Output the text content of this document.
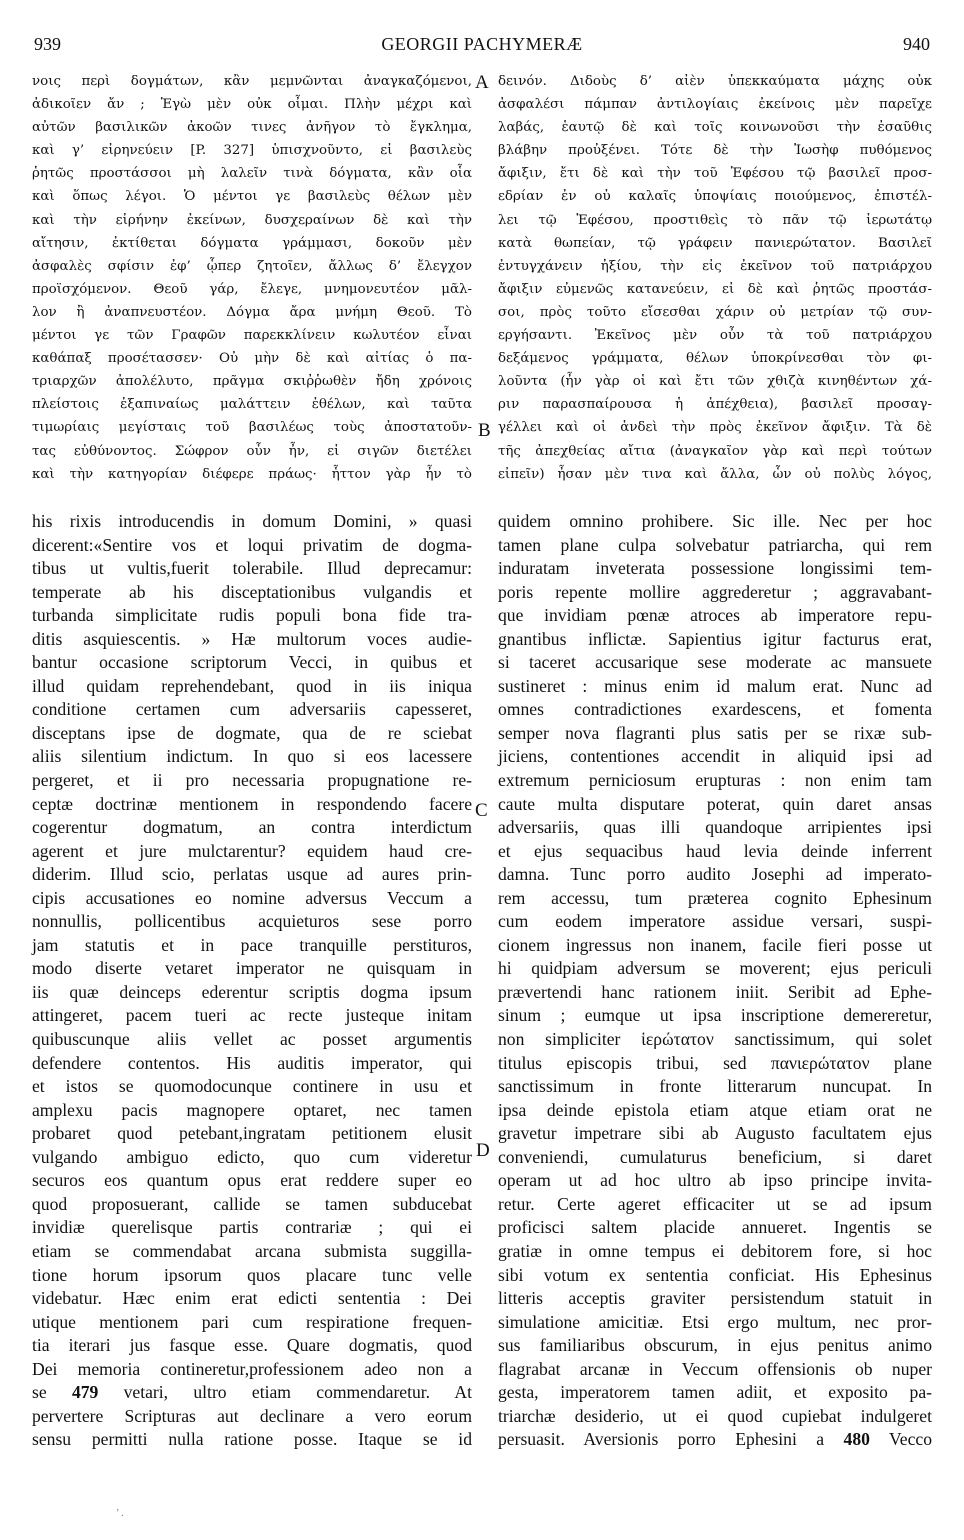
939	GEORGII PACHYMERÆ	940
νοις περὶ δογμάτων, κἂν μεμνῶνται ἀναγκαζόμενοι,
ἀδικοῖεν ἄν ; Ἐγὼ μὲν οὐκ οἶμαι. Πλὴν μέχρι καὶ
αὐτῶν βασιλικῶν ἀκοῶν τινες ἀνῆγον τὸ ἔγκλημα,
καὶ γ’ εἰρηνεύειν [P. 327] ὑπισχνοῦντο, εἰ βασιλεὺς
ῥητῶς προστάσσοι μὴ λαλεῖν τινὰ δόγματα, κἂν οἷα
καὶ ὅπως λέγοι. Ὁ μέντοι γε βασιλεὺς θέλων μὲν
καὶ τὴν εἰρήνην ἐκείνων, δυσχεραίνων δὲ καὶ τὴν
αἴτησιν, ἐκτίθεται δόγματα γράμμασι, δοκοῦν μὲν
ἀσφαλὲς σφίσιν ἐφ’ ᾧπερ ζητοῖεν, ἄλλως δ’ ἔλεγχον
προϊσχόμενον. Θεοῦ γάρ, ἔλεγε, μνημονευτέον μᾶλ-
λον ἢ ἀναπνευστέον. Δόγμα ἄρα μνήμη Θεοῦ. Τὸ
μέντοι γε τῶν Γραφῶν παρεκκλίνειν κωλυτέον εἶναι
καθάπαξ προσέτασσεν· Οὐ μὴν δὲ καὶ αἰτίας ὁ πα-
τριαρχῶν ἀπολέλυτο, πρᾶγμα σκιῤῥωθὲν ἤδη χρόνοις
πλείστοις ἐξαπιναίως μαλάττειν ἐθέλων, καὶ ταῦτα
τιμωρίαις μεγίσταις τοῦ βασιλέως τοὺς ἀποστατοῦν-
τας εὐθύνοντος. Σώφρον οὖν ἦν, εἰ σιγῶν διετέλει
καὶ τὴν κατηγορίαν διέφερε πράως· ἧττον γὰρ ἦν τὸ
δεινόν. Διδοὺς δ’ αἰὲν ὑπεκκαύματα μάχης οὐκ
ἀσφαλέσι πάμπαν ἀντιλογίαις ἐκείνοις μὲν παρεῖχε
λαβάς, ἑαυτῷ δὲ καὶ τοῖς κοινωνοῦσι τὴν ἐσαῦθις
βλάβην προὐξένει. Τότε δὲ τὴν Ἰωσὴφ πυθόμενος
ἄφιξιν, ἔτι δὲ καὶ τὴν τοῦ Ἐφέσου τῷ βασιλεῖ προσ-
εδρίαν ἐν οὐ καλαῖς ὑποψίαις ποιούμενος, ἐπιστέλ-
λει τῷ Ἐφέσου, προστιθεὶς τὸ πᾶν τῷ ἱερωτάτῳ
κατὰ θωπείαν, τῷ γράφειν πανιερώτατον. Βασιλεῖ
ἐντυγχάνειν ἠξίου, τὴν εἰς ἐκεῖνον τοῦ πατριάρχου
ἄφιξιν εὐμενῶς κατανεύειν, εἰ δὲ καὶ ῥητῶς προστάσ-
σοι, πρὸς τοῦτο εἴσεσθαι χάριν οὐ μετρίαν τῷ συν-
εργήσαντι. Ἐκεῖνος μὲν οὖν τὰ τοῦ πατριάρχου
δεξάμενος γράμματα, θέλων ὑποκρίνεσθαι τὸν φι-
λοῦντα (ἦν γὰρ οἱ καὶ ἔτι τῶν χθιζὰ κινηθέντων χά-
ριν παρασπαίρουσα ἡ ἀπέχθεια), βασιλεῖ προσαγ-
γέλλει καὶ οἱ ἀνδεὶ τὴν πρὸς ἐκεῖνον ἄφιξιν. Τὰ δὲ
τῆς ἀπεχθείας αἴτια (ἀναγκαῖον γὰρ καὶ περὶ τούτων
εἰπεῖν) ἦσαν μὲν τινα καὶ ἄλλα, ὧν οὐ πολὺς λόγος,
his rixis introducendis in domum Domini, » quasi
dicerent:«Sentire vos et loqui privatim de dogma-
tibus ut vultis,fuerit tolerabile. Illud deprecamur:
temperate ab his disceptationibus vulgandis et
turbanda simplicitate rudis populi bona fide tra-
ditis asquiescentis. » Hæ multorum voces audie-
bantur occasione scriptorum Vecci, in quibus et
illud quidam reprehendebant, quod in iis iniqua
conditione certamen cum adversariis capesseret,
disceptans ipse de dogmate, qua de re sciebat
aliis silentium indictum. In quo si eos lacessere
pergeret, et ii pro necessaria propugnatione re-
ceptæ doctrinæ mentionem in respondendo facere
cogerentur dogmatum, an contra interdictum
agerent et jure mulctarentur? equidem haud cre-
diderim. Illud scio, perlatas usque ad aures prin-
cipis accusationes eo nomine adversus Veccum a
nonnullis, pollicentibus acquieturos sese porro
jam statutis et in pace tranquille perstituros,
modo diserte vetaret imperator ne quisquam in
iis quæ deinceps ederentur scriptis dogma ipsum
attingeret, pacem tueri ac recte justeque initam
quibuscunque aliis vellet ac posset argumentis
defendere contentos. His auditis imperator, qui
et istos se quomodocunque continere in usu et
amplexu pacis magnopere optaret, nec tamen
probaret quod petebant,ingratam petitionem elusit
vulgando ambiguo edicto, quo cum videretur
securos eos quantum opus erat reddere super eo
quod proposuerant, callide se tamen subducebat
invidiæ querelisque partis contrariæ ; qui ei
etiam se commendabat arcana submista suggilla-
tione horum ipsorum quos placare tunc velle
videbatur. Hæc enim erat edicti sententia : Dei
utique mentionem pari cum respiratione frequen-
tia iterari jus fasque esse. Quare dogmatis, quod
Dei memoria contineretur,professionem adeo non a
se 479 vetari, ultro etiam commendaretur. At
pervertere Scripturas aut declinare a vero eorum
sensu permitti nulla ratione posse. Itaque se id
quidem omnino prohibere. Sic ille. Nec per hoc
tamen plane culpa solvebatur patriarcha, qui rem
induratam inveterata possessione longissimi tem-
poris repente mollire aggrederetur ; aggravabant-
que invidiam pœnæ atroces ab imperatore repu-
gnantibus inflictæ. Sapientius igitur facturus erat,
si taceret accusarique sese moderate ac mansuete
sustineret : minus enim id malum erat. Nunc ad
omnes contradictiones exardescens, et fomenta
semper nova flagranti plus satis per se rixæ sub-
jiciens, contentiones accendit in aliquid ipsi ad
extremum perniciosum erupturas : non enim tam
caute multa disputare poterat, quin daret ansas
adversariis, quas illi quandoque arripientes ipsi
et ejus sequacibus haud levia deinde inferrent
damna. Tunc porro audito Josephi ad imperato-
rem accessu, tum præterea cognito Ephesinum
cum eodem imperatore assidue versari, suspi-
cionem ingressus non inanem, facile fieri posse ut
hi quidpiam adversum se moverent; ejus periculi
prævertendi hanc rationem iniit. Seribit ad Ephe-
sinum ; eumque ut ipsa inscriptione demereretur,
non simpliciter ἱερώτατον sanctissimum, qui solet
titulus episcopis tribui, sed πανιερώτατον plane
sanctissimum in fronte litterarum nuncupat. In
ipsa deinde epistola etiam atque etiam orat ne
gravetur impetrare sibi ab Augusto facultatem ejus
conveniendi, cumulaturus beneficium, si daret
operam ut ad hoc ultro ab ipso principe invita-
retur. Certe ageret efficaciter ut se ad ipsum
proficisci saltem placide annueret. Ingentis se
gratiæ in omne tempus ei debitorem fore, si hoc
sibi votum ex sententia conficiat. His Ephesinus
litteris acceptis graviter persistendum statuit in
simulatione amicitiæ. Etsi ergo multum, nec pror-
sus familiaribus obscurum, in ejus penitus animo
flagrabat arcanæ in Veccum offensionis ob nuper
gesta, imperatorem tamen adiit, et exposito pa-
triarchæ desiderio, ut ei quod cupiebat indulgeret
persuasit. Aversionis porro Ephesini a 480 Vecco
A
B
C
D
’ .
